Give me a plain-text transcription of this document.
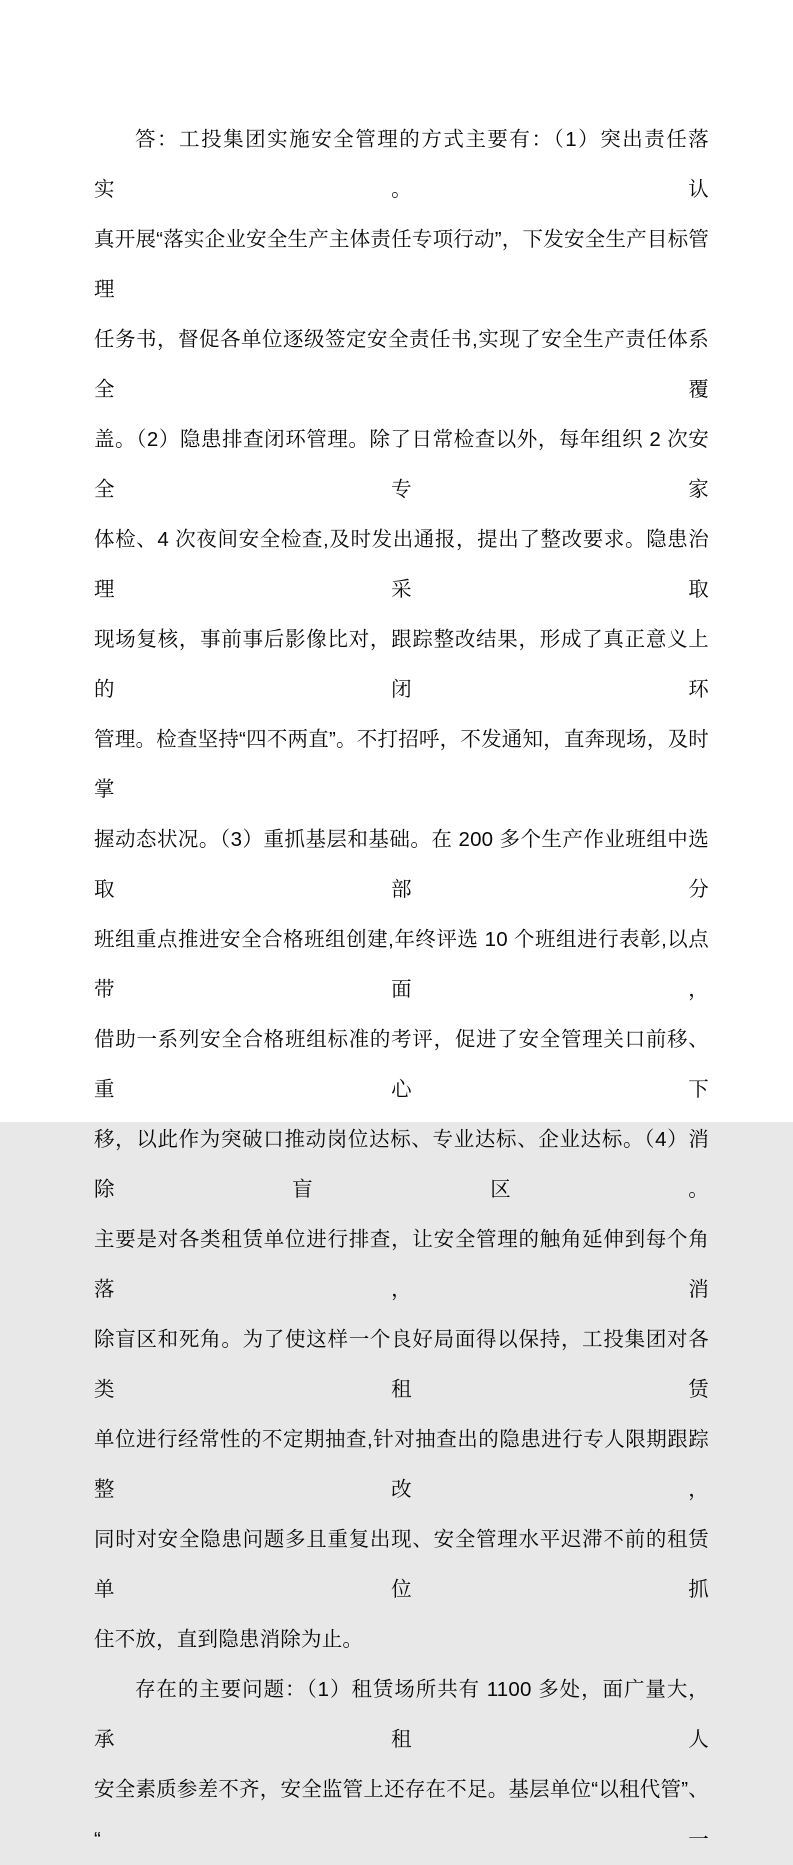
答：工投集团实施安全管理的方式主要有：（1）突出责任落实。认

真开展“落实企业安全生产主体责任专项行动”，下发安全生产目标管理

任务书，督促各单位逐级签定安全责任书,实现了安全生产责任体系全覆

盖。（2）隐患排查闭环管理。除了日常检查以外，每年组织 2 次安全专家

体检、4 次夜间安全检查,及时发出通报，提出了整改要求。隐患治理采取

现场复核，事前事后影像比对，跟踪整改结果，形成了真正意义上的闭环

管理。检查坚持“四不两直”。不打招呼，不发通知，直奔现场，及时掌

握动态状况。（3）重抓基层和基础。在 200 多个生产作业班组中选取部分

班组重点推进安全合格班组创建,年终评选 10 个班组进行表彰,以点带面，

借助一系列安全合格班组标准的考评，促进了安全管理关口前移、重心下

移，以此作为突破口推动岗位达标、专业达标、企业达标。（4）消除盲区。

主要是对各类租赁单位进行排查，让安全管理的触角延伸到每个角落，消

除盲区和死角。为了使这样一个良好局面得以保持，工投集团对各类租赁

单位进行经常性的不定期抽查,针对抽查出的隐患进行专人限期跟踪整改，

同时对安全隐患问题多且重复出现、安全管理水平迟滞不前的租赁单位抓

住不放，直到隐患消除为止。

存在的主要问题：（1）租赁场所共有 1100 多处，面广量大，承租人

安全素质参差不齐，安全监管上还存在不足。基层单位“以租代管”、“一
